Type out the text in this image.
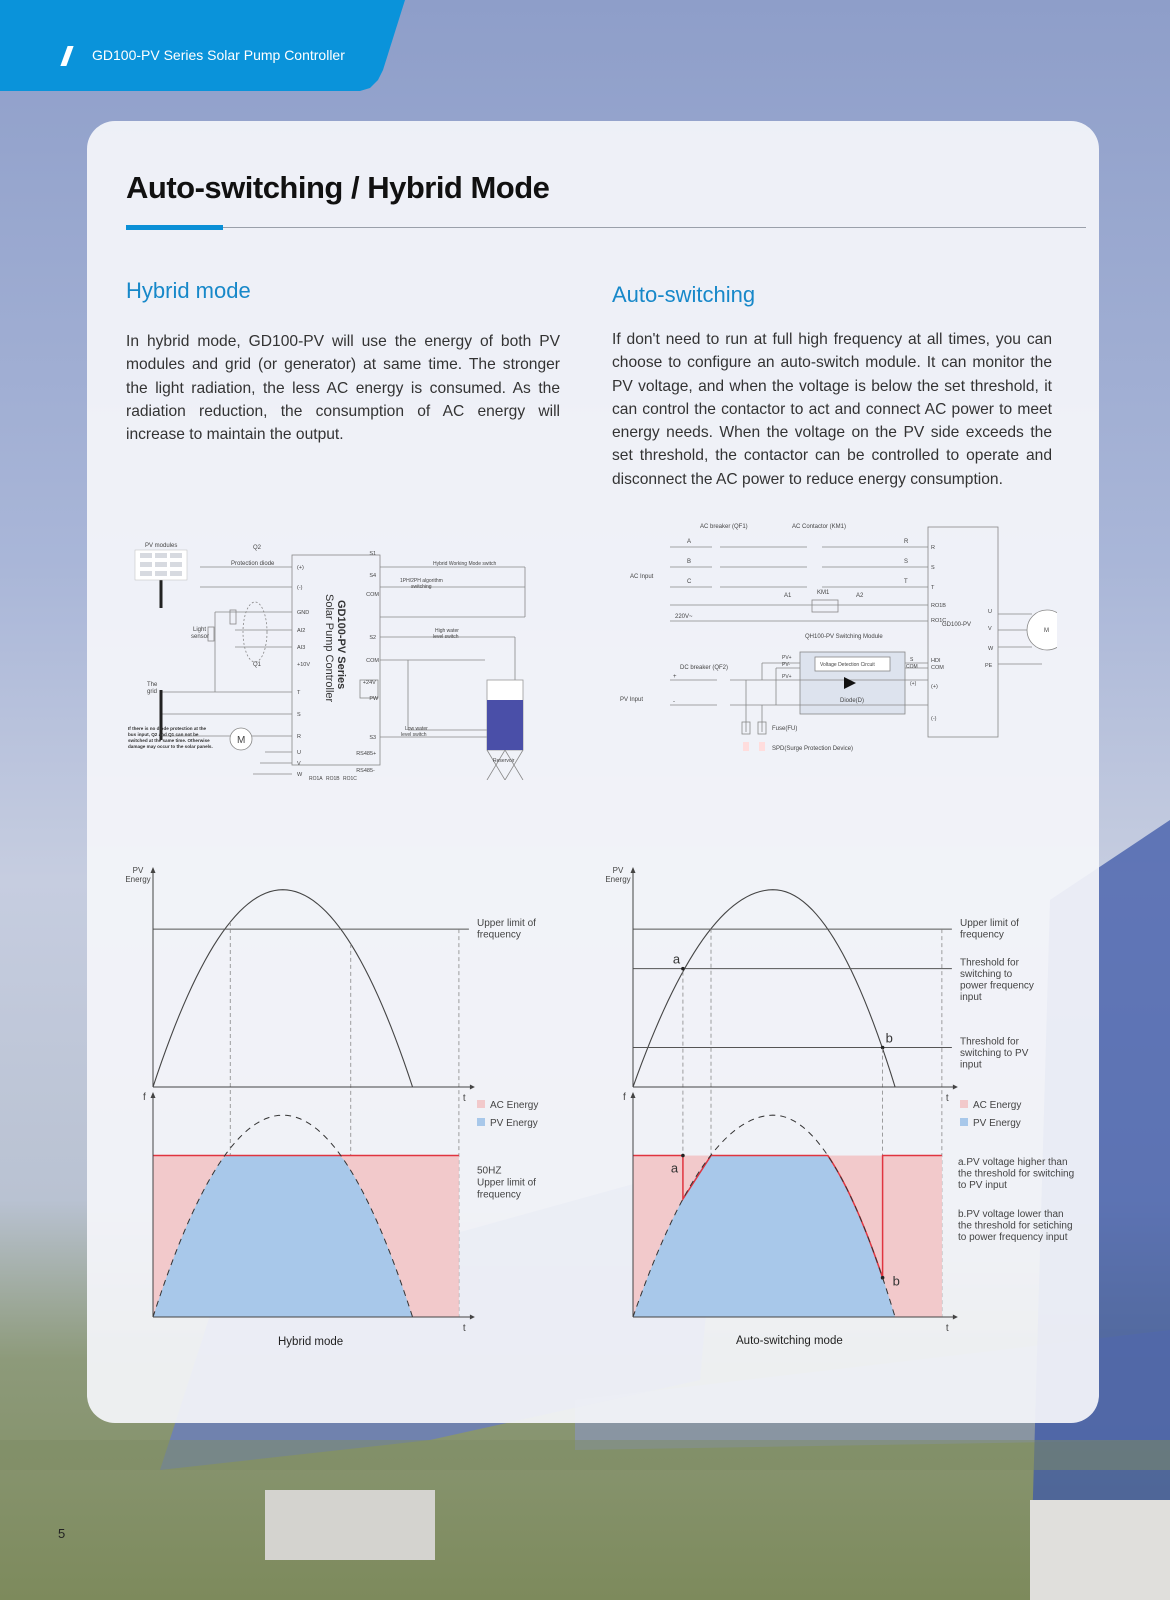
GD100-PV Series Solar Pump Controller
Auto-switching / Hybrid Mode
Hybrid mode
In hybrid mode, GD100-PV will use the energy of both PV modules and grid (or generator) at same time. The stronger the light radiation, the less AC energy is consumed. As the radiation reduction, the consumption of AC energy will increase to maintain the output.
Auto-switching
If don't need to run at full high frequency at all times, you can choose to configure an auto-switch module. It can monitor the PV voltage, and when the voltage is below the set threshold, it can control the contactor to act and connect AC power to meet energy needs. When the voltage on the PV side exceeds the set threshold, the contactor can be controlled to operate and disconnect the AC power to reduce energy consumption.
PV modules	Q2
Protection diode
Light
sensor
The
grid
Q1
If there is no diode protection at the
bus input, Q2 and Q1 can not be
switched at the same time. Otherwise
damage may occur to the solar panels.
M
GD100-PV Series
Solar Pump Controller
(+)
(-)
GND
AI2
AI3
+10V
T
S
R
U
V
W
S1
S4
COM
S2
COM
+24V
PW
S3
RS485+
RS485-
RO1A RO1B RO1C
Hybrid Working Mode switch
1PH/2PH algorithm
switching
High water
level switch
Low water
level switch
Reservoir
AC breaker (QF1)	AC Contactor (KM1)
A
B
C
AC Input
R
S
T
A1	KM1	A2
220V~
QH100-PV Switching Module
Voltage Detection Circuit
PV+
PV-
PV+
S
COM
(+)
Diode(D)
DC breaker (QF2)
PV Input
+
-
Fuse(FU)
SPD(Surge Protection Device)
R
S
T
RO1B
RO1C
HDI
COM
(+)
(-)
GD100-PV
U
V
W
PE
M
Upper limit of
frequency
t
PV
Energy
AC Energy
PV Energy
50HZ
Upper limit of
frequency
t
f
Upper limit of
frequency
Threshold for
switching to
power frequency
input
Threshold for
switching to PV
input
a
b
t
PV
Energy
a
b
AC Energy
PV Energy
a.PV voltage higher than
the threshold for switching
to PV input
b.PV voltage lower than
the threshold for setiching
to power frequency input
t
f
Hybrid mode	Auto-switching mode
5
